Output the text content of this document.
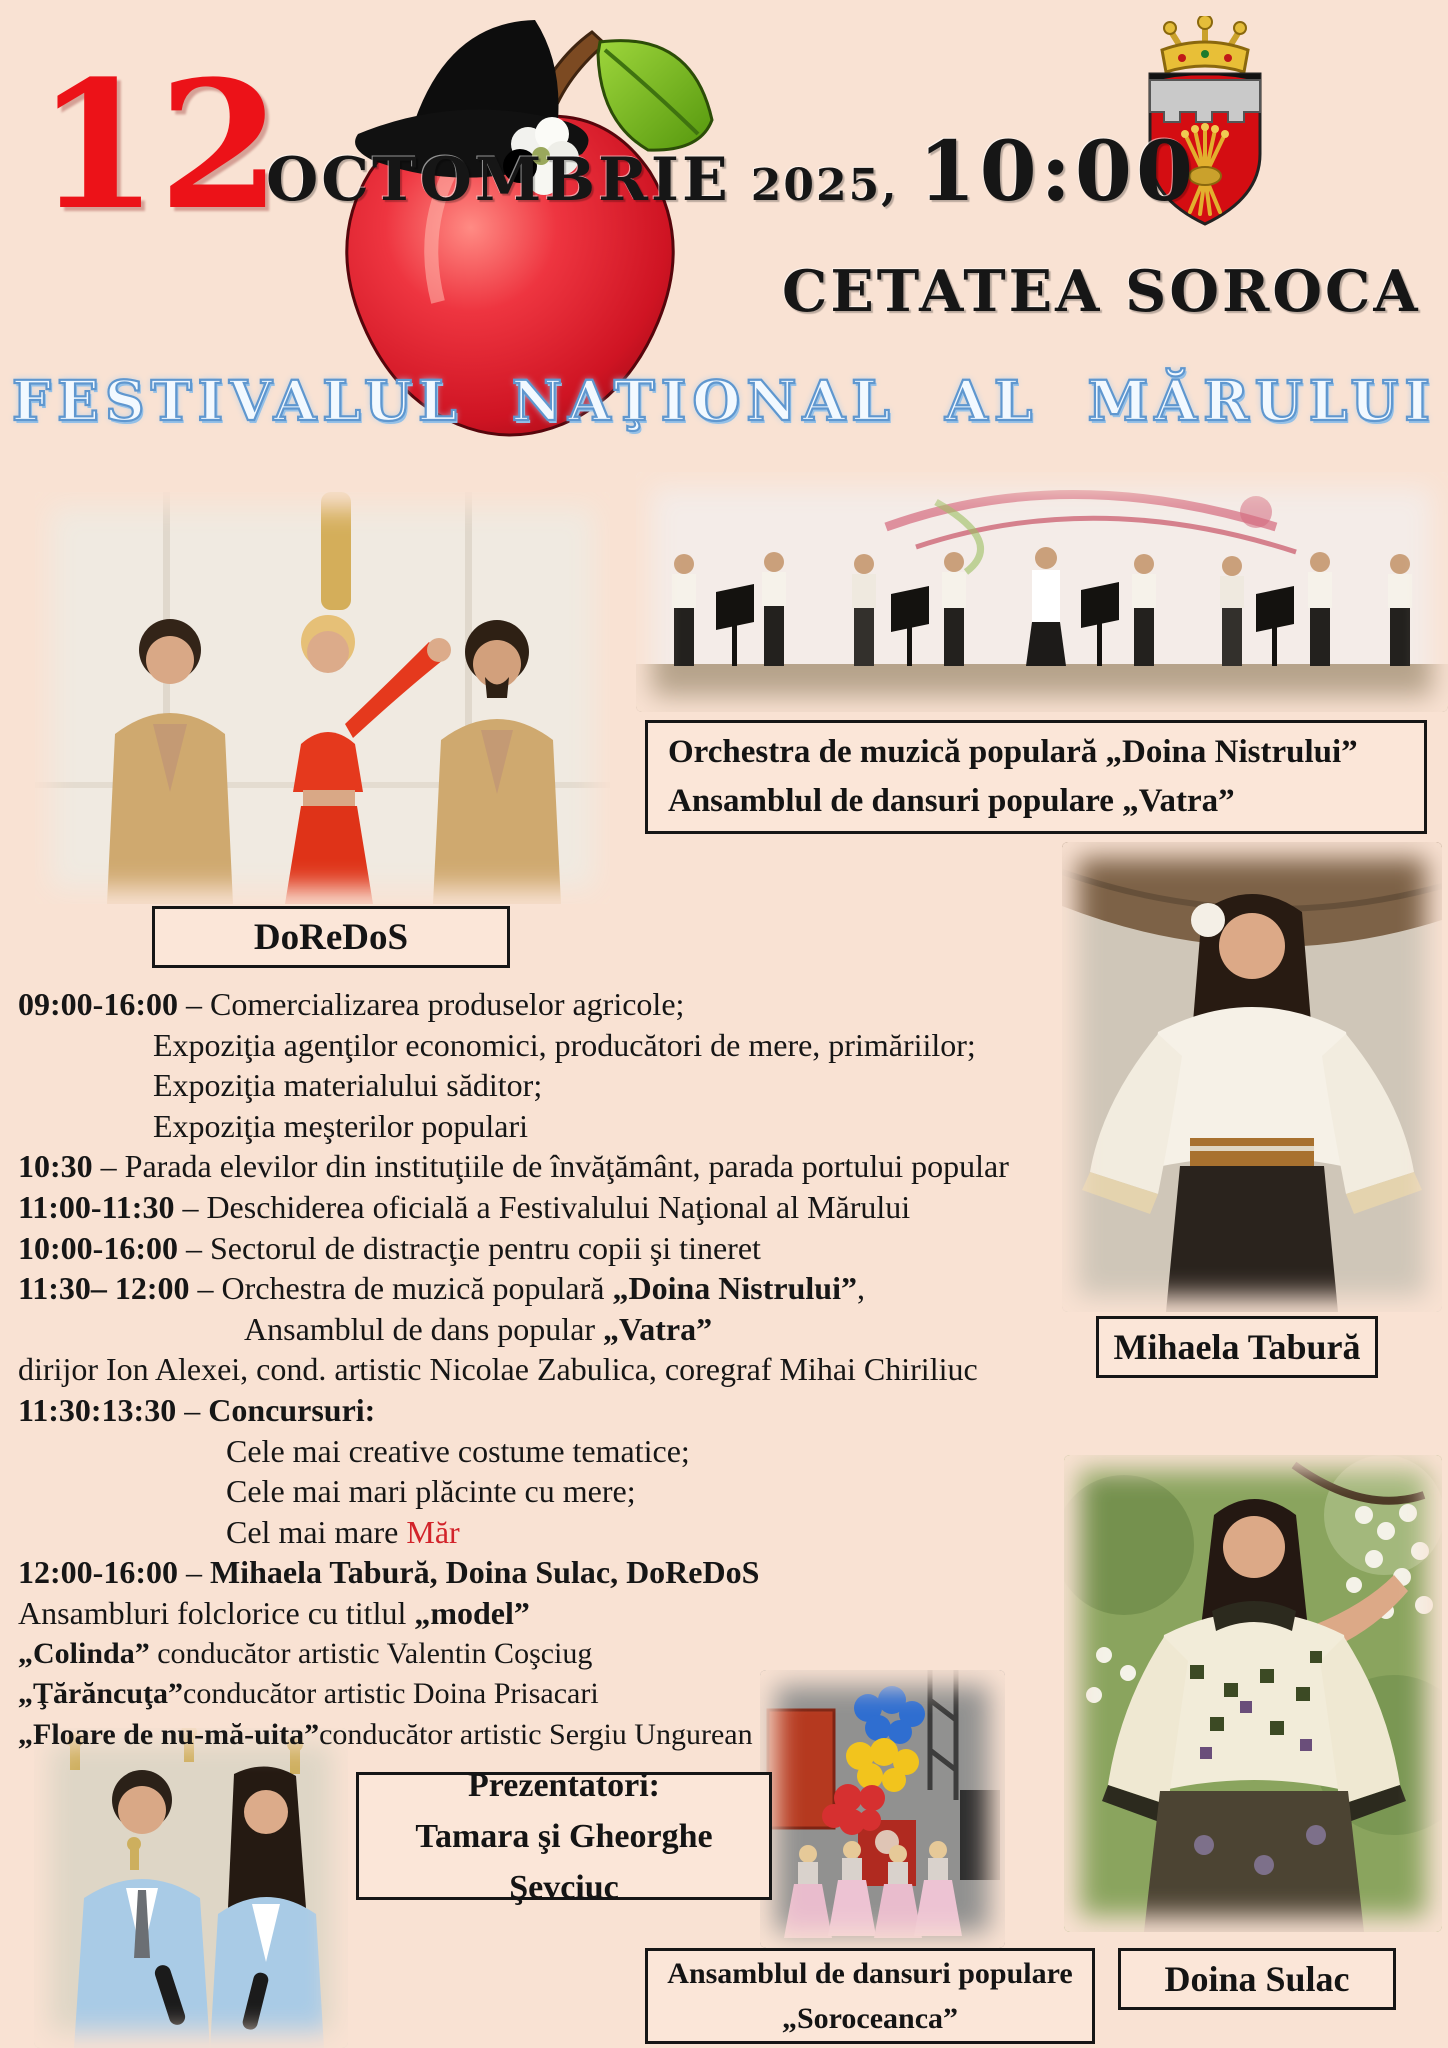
12
OCTOMBRIE 2025, 10:00
CETATEA SOROCA
FESTIVALUL NAŢIONAL AL MĂRULUI
Orchestra de muzică populară „Doina Nistrului”
Ansamblul de dansuri populare „Vatra”
DoReDoS
09:00-16:00 – Comercializarea produselor agricole;
Expoziţia agenţilor economici, producători de mere, primăriilor;
Expoziţia materialului săditor;
Expoziţia meşterilor populari
10:30 – Parada elevilor din instituţiile de învăţământ, parada portului popular
11:00-11:30 – Deschiderea oficială a Festivalului Naţional al Mărului
10:00-16:00 – Sectorul de distracţie pentru copii şi tineret
11:30– 12:00 – Orchestra de muzică populară „Doina Nistrului”,
Ansamblul de dans popular „Vatra”
dirijor Ion Alexei, cond. artistic Nicolae Zabulica, coregraf Mihai Chiriliuc
11:30:13:30 – Concursuri:
Cele mai creative costume tematice;
Cele mai mari plăcinte cu mere;
Cel mai mare Măr
12:00-16:00 – Mihaela Tabură, Doina Sulac, DoReDoS
Ansambluri folclorice cu titlul „model”
„Colinda” conducător artistic Valentin Coşciug
„Ţărăncuţa”conducător artistic Doina Prisacari
„Floare de nu-mă-uita”conducător artistic Sergiu Ungurean
Mihaela Tabură
Doina Sulac
Prezentatori:
Tamara şi Gheorghe Şevciuc
Ansamblul de dansuri populare
„Soroceanca”
